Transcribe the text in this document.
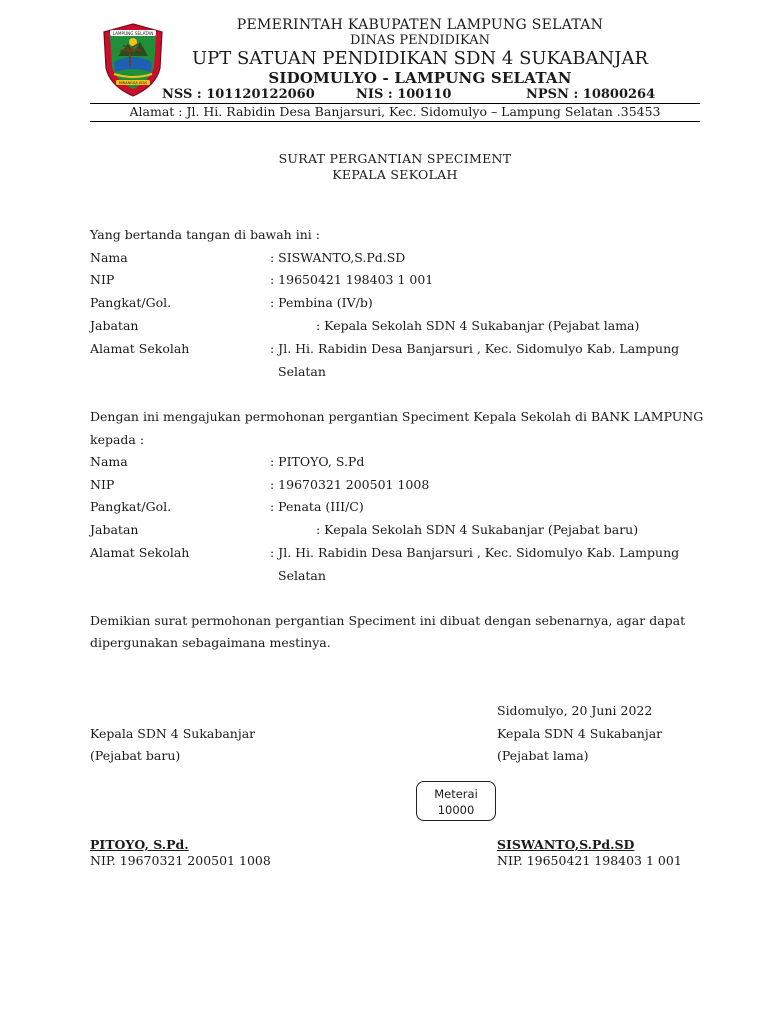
LAMPUNG SELATAN
MINANGGA ATAS
PEMERINTAH KABUPATEN LAMPUNG SELATAN
DINAS PENDIDIKAN
UPT SATUAN PENDIDIKAN SDN 4 SUKABANJAR
SIDOMULYO - LAMPUNG SELATAN
NSS : 101120122060	NIS : 100110	NPSN : 10800264
Alamat : Jl. Hi. Rabidin Desa Banjarsuri, Kec. Sidomulyo – Lampung Selatan .35453
SURAT PERGANTIAN SPECIMENT
KEPALA SEKOLAH
Yang bertanda tangan di bawah ini :
Nama	: SISWANTO,S.Pd.SD
NIP	: 19650421 198403 1 001
Pangkat/Gol.	: Pembina (IV/b)
Jabatan	: Kepala Sekolah SDN 4 Sukabanjar (Pejabat lama)
Alamat Sekolah	: Jl. Hi. Rabidin Desa Banjarsuri , Kec. Sidomulyo Kab. Lampung
Selatan
Dengan ini mengajukan permohonan pergantian Speciment Kepala Sekolah di BANK LAMPUNG
kepada :
Nama	: PITOYO, S.Pd
NIP	: 19670321 200501 1008
Pangkat/Gol.	: Penata (III/C)
Jabatan	: Kepala Sekolah SDN 4 Sukabanjar (Pejabat baru)
Alamat Sekolah	: Jl. Hi. Rabidin Desa Banjarsuri , Kec. Sidomulyo Kab. Lampung
Selatan
Demikian surat permohonan pergantian Speciment ini dibuat dengan sebenarnya, agar dapat
dipergunakan sebagaimana mestinya.
Sidomulyo, 20 Juni 2022
Kepala SDN 4 Sukabanjar
(Pejabat baru)
Kepala SDN 4 Sukabanjar
(Pejabat lama)
Meterai
10000
PITOYO, S.Pd.
NIP. 19670321 200501 1008
SISWANTO,S.Pd.SD
NIP. 19650421 198403 1 001
